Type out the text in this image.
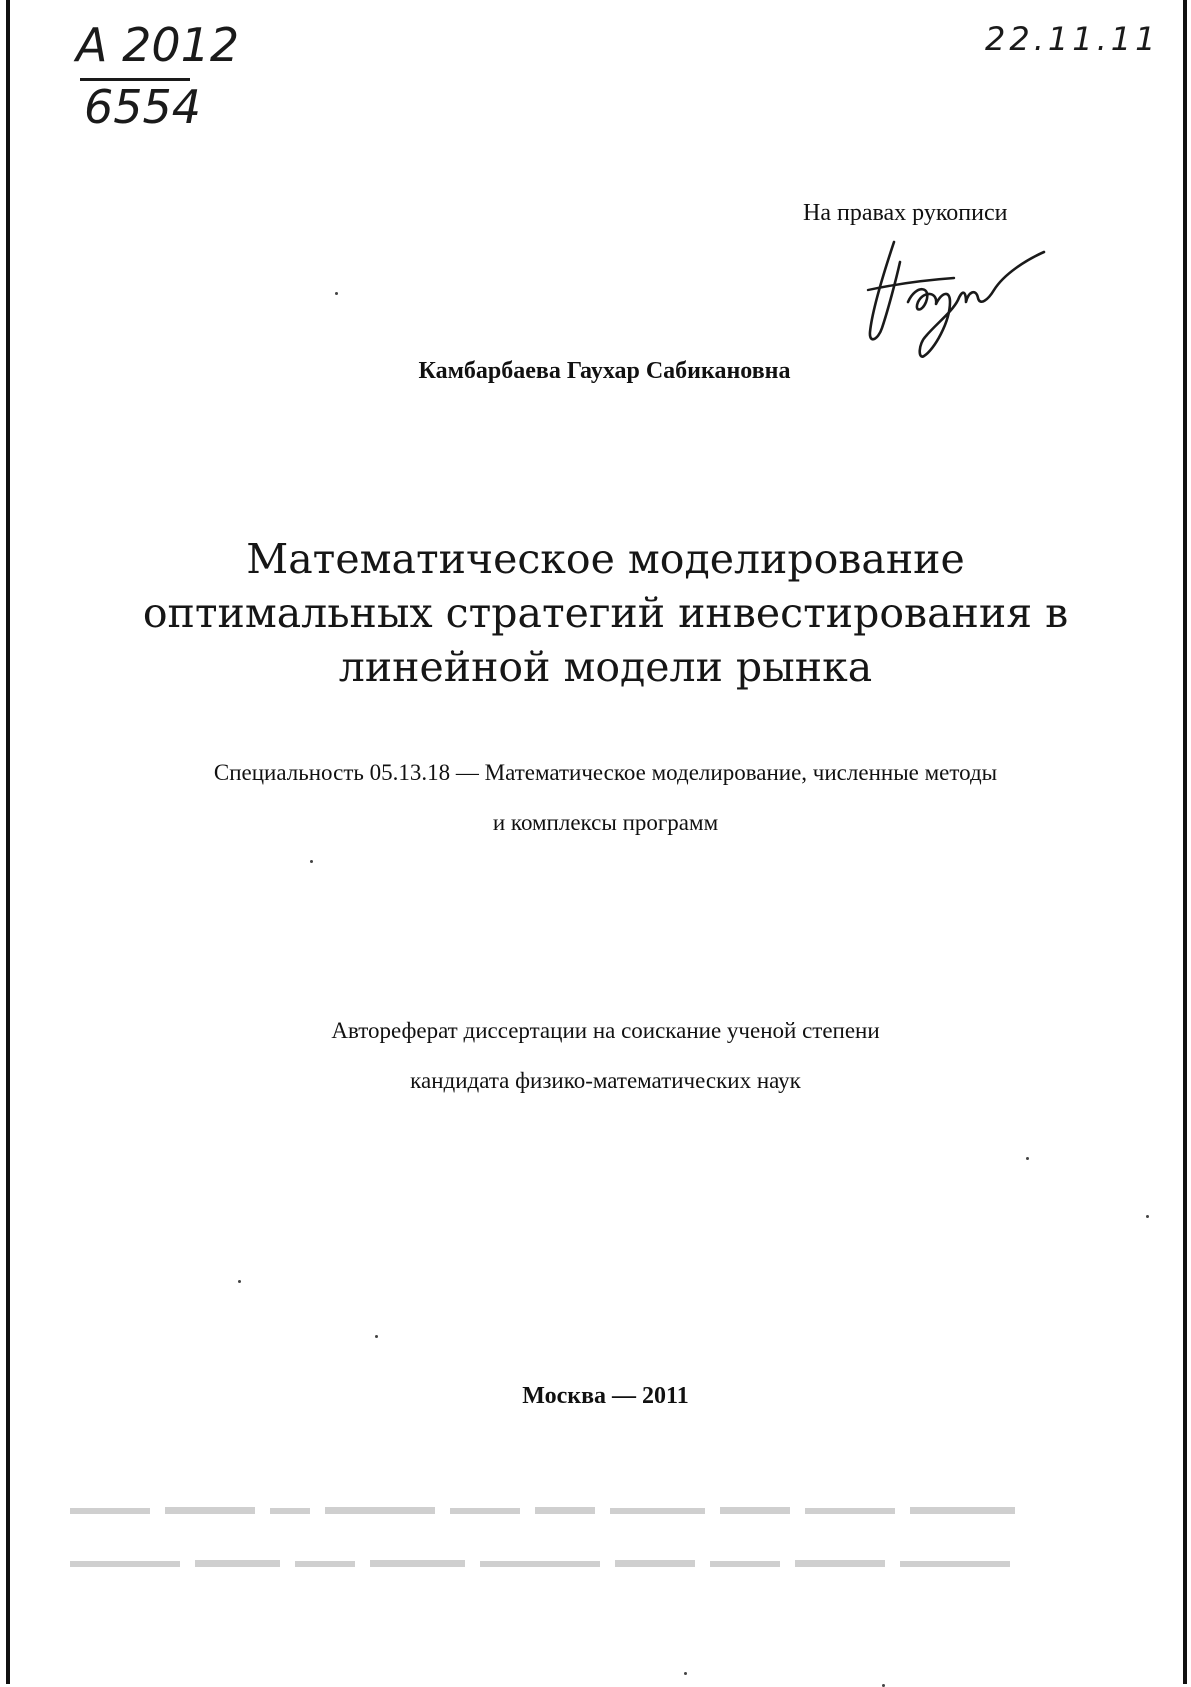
А 2012
6554
22.11.11
На правах рукописи
Камбарбаева Гаухар Сабикановна
Математическое моделирование
оптимальных стратегий инвестирования в
линейной модели рынка
Специальность 05.13.18 — Математическое моделирование, численные методы
и комплексы программ
Автореферат диссертации на соискание ученой степени
кандидата физико-математических наук
Москва — 2011
